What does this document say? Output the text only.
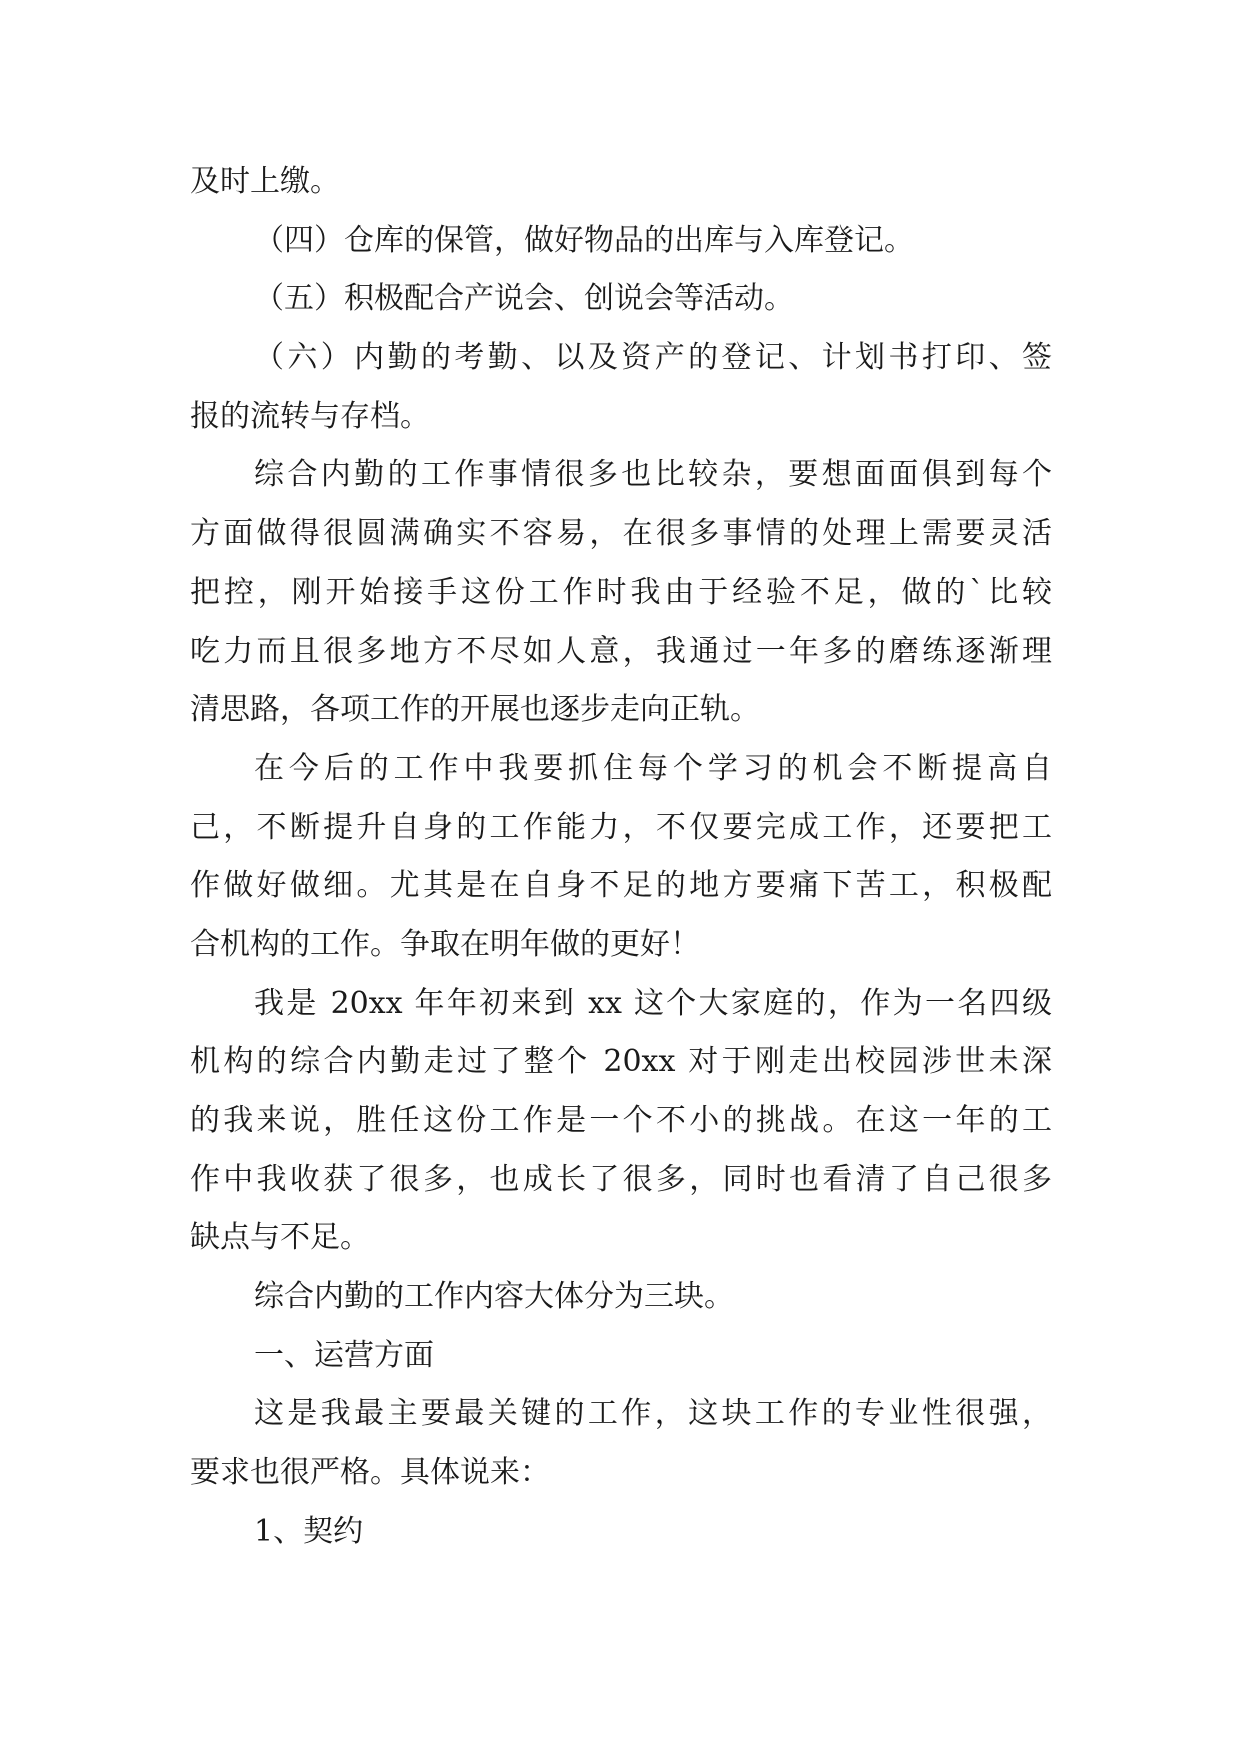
及时上缴。
（四）仓库的保管，做好物品的出库与入库登记。
（五）积极配合产说会、创说会等活动。
（六）内勤的考勤、以及资产的登记、计划书打印、签
报的流转与存档。
综合内勤的工作事情很多也比较杂，要想面面俱到每个
方面做得很圆满确实不容易，在很多事情的处理上需要灵活
把控，刚开始接手这份工作时我由于经验不足，做的`比较
吃力而且很多地方不尽如人意，我通过一年多的磨练逐渐理
清思路，各项工作的开展也逐步走向正轨。
在今后的工作中我要抓住每个学习的机会不断提高自
己，不断提升自身的工作能力，不仅要完成工作，还要把工
作做好做细。尤其是在自身不足的地方要痛下苦工，积极配
合机构的工作。争取在明年做的更好！
我是 20xx 年年初来到 xx 这个大家庭的，作为一名四级
机构的综合内勤走过了整个 20xx 对于刚走出校园涉世未深
的我来说，胜任这份工作是一个不小的挑战。在这一年的工
作中我收获了很多，也成长了很多，同时也看清了自己很多
缺点与不足。
综合内勤的工作内容大体分为三块。
一、运营方面
这是我最主要最关键的工作，这块工作的专业性很强，
要求也很严格。具体说来：
1、契约
